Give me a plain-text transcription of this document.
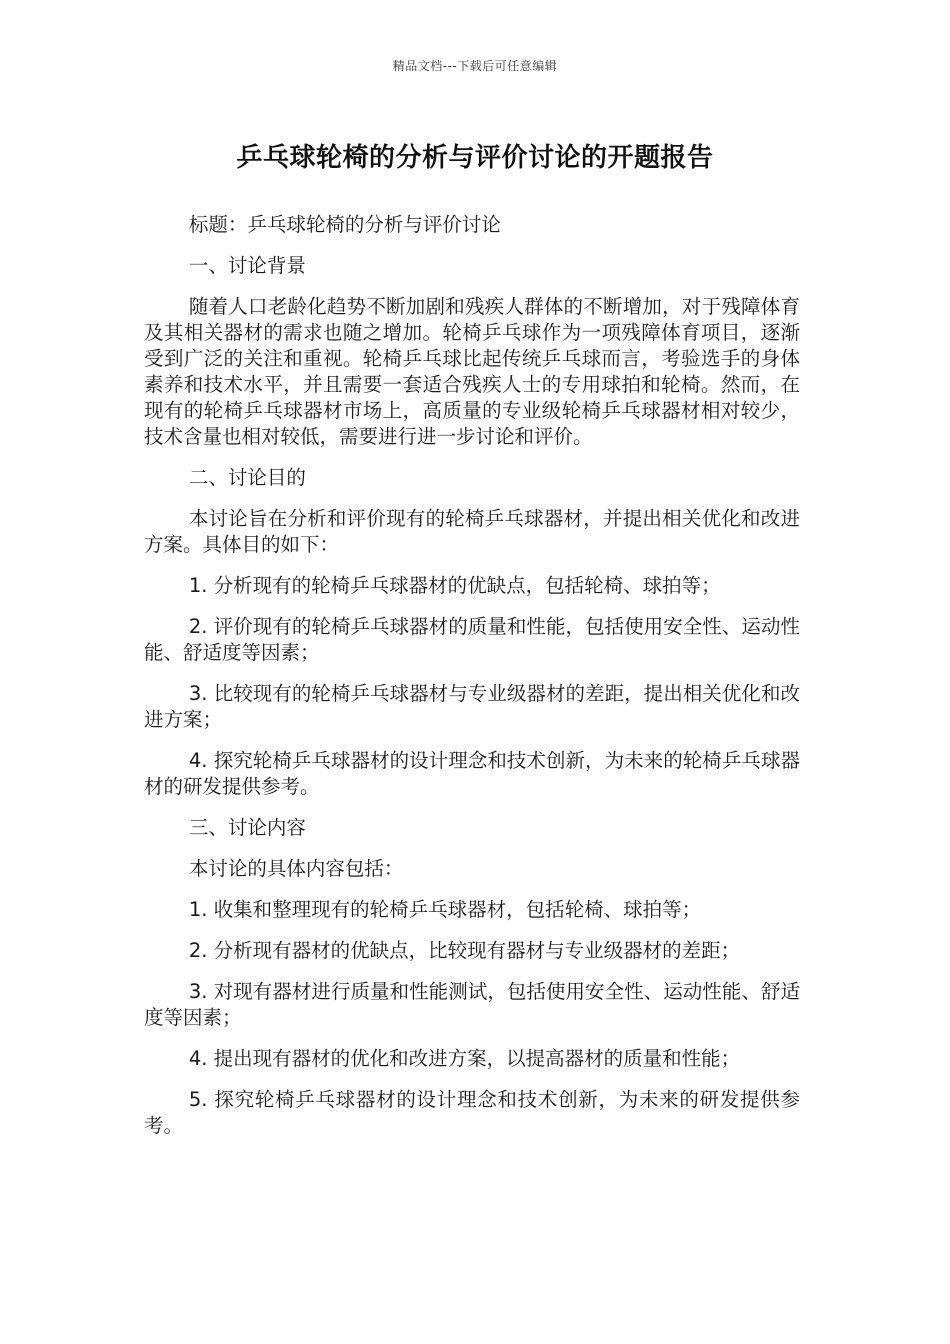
精品文档---下载后可任意编辑
乒乓球轮椅的分析与评价讨论的开题报告

标题：乒乓球轮椅的分析与评价讨论

一、讨论背景

随着人口老龄化趋势不断加剧和残疾人群体的不断增加，对于残障体育及其相关器材的需求也随之增加。轮椅乒乓球作为一项残障体育项目，逐渐受到广泛的关注和重视。轮椅乒乓球比起传统乒乓球而言，考验选手的身体素养和技术水平，并且需要一套适合残疾人士的专用球拍和轮椅。然而，在现有的轮椅乒乓球器材市场上，高质量的专业级轮椅乒乓球器材相对较少，技术含量也相对较低，需要进行进一步讨论和评价。

二、讨论目的

本讨论旨在分析和评价现有的轮椅乒乓球器材，并提出相关优化和改进方案。具体目的如下：

1. 分析现有的轮椅乒乓球器材的优缺点，包括轮椅、球拍等；

2. 评价现有的轮椅乒乓球器材的质量和性能，包括使用安全性、运动性能、舒适度等因素；

3. 比较现有的轮椅乒乓球器材与专业级器材的差距，提出相关优化和改进方案；

4. 探究轮椅乒乓球器材的设计理念和技术创新，为未来的轮椅乒乓球器材的研发提供参考。

三、讨论内容

本讨论的具体内容包括：

1. 收集和整理现有的轮椅乒乓球器材，包括轮椅、球拍等；

2. 分析现有器材的优缺点，比较现有器材与专业级器材的差距；

3. 对现有器材进行质量和性能测试，包括使用安全性、运动性能、舒适度等因素；

4. 提出现有器材的优化和改进方案，以提高器材的质量和性能；

5. 探究轮椅乒乓球器材的设计理念和技术创新，为未来的研发提供参考。
